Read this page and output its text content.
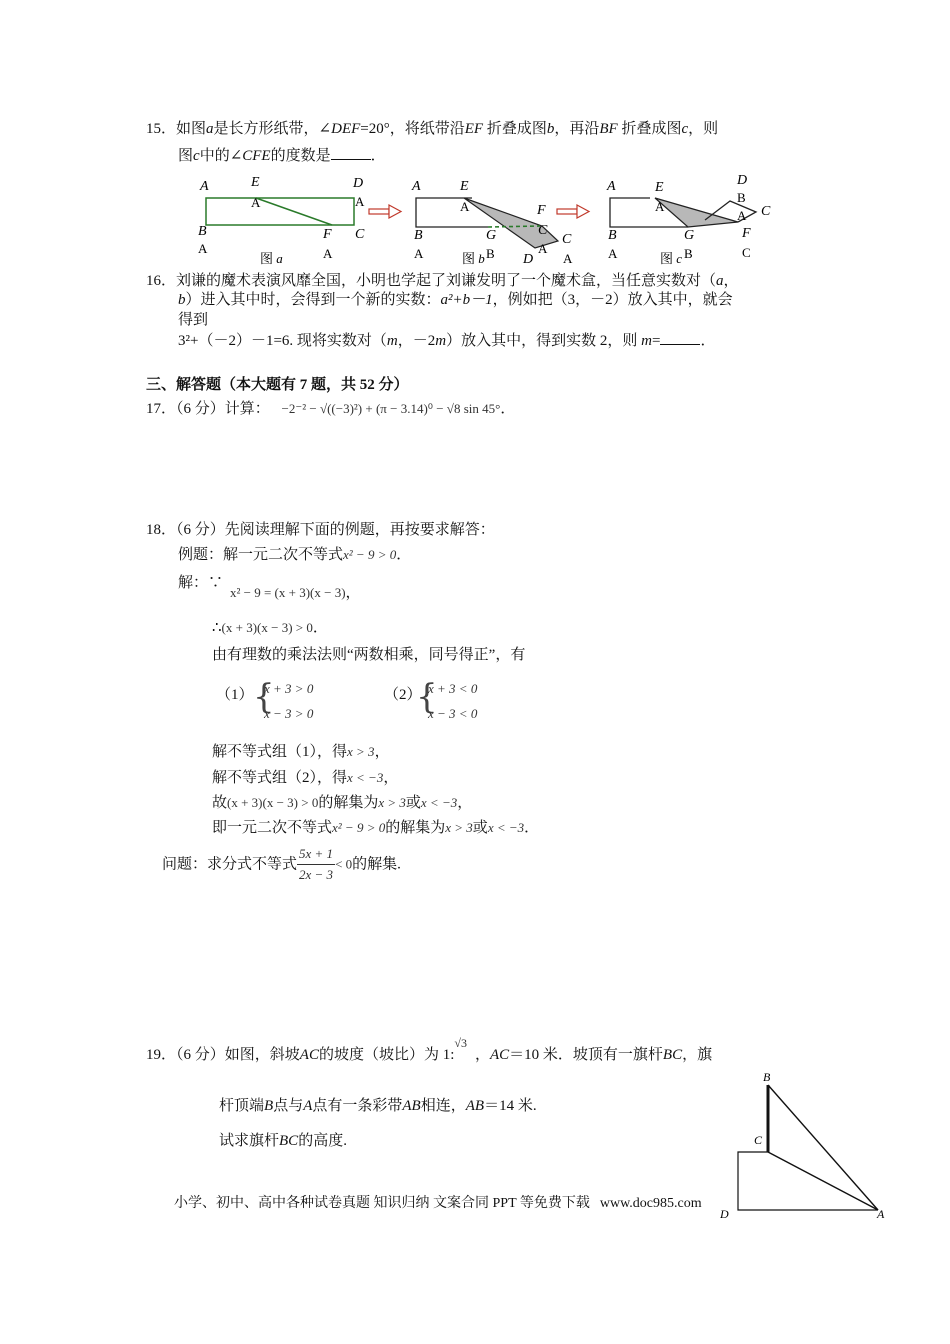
15．如图a是长方形纸带，∠DEF=20°，将纸带沿EF 折叠成图b，再沿BF 折叠成图c，则
图c中的∠CFE的度数是	．
A	E
A
D
A
B
A
F
A
C
图 a
A	E
A	F
C
A
B
A
G
B D
C
A
图 b
A	E
A
D
B
A C
F
C
B
A
G
B
图 c
16．刘谦的魔术表演风靡全国，小明也学起了刘谦发明了一个魔术盒，当任意实数对（a，
b）进入其中时，会得到一个新的实数：a²+b－1，例如把（3，－2）放入其中，就会
得到
3²+（－2）－1=6. 现将实数对（m，－2m）放入其中，得到实数 2，则 m=	．
三、解答题（本大题有 7 题，共 52 分）
17．（6 分）计算： −2⁻² − √((−3)²) + (π − 3.14)⁰ − √8 sin 45°．
18．（6 分）先阅读理解下面的例题，再按要求解答：
例题：解一元二次不等式x² − 9 > 0．
解：∵
x² − 9 = (x + 3)(x − 3)，
∴(x + 3)(x − 3) > 0．
由有理数的乘法法则“两数相乘，同号得正”，有
（1） {
x + 3 > 0
x − 3 > 0
（2）
{
x + 3 < 0
x − 3 < 0
解不等式组（1），得x > 3，
解不等式组（2），得x < −3，
故(x + 3)(x − 3) > 0的解集为x > 3或x < −3，
即一元二次不等式x² − 9 > 0的解集为x > 3或x < −3．
问题：求分式不等式 $\frac{5x + 1}{2x - 3} < 0$的解集.
19．（6 分）如图，斜坡AC的坡度（坡比）为 1:$^{√3}$，AC＝10 米．坡顶有一旗杆BC，旗
杆顶端B点与A点有一条彩带AB相连，AB＝14 米.
试求旗杆BC的高度.
B
C
D	A
小学、初中、高中各种试卷真题 知识归纳 文案合同 PPT 等免费下载 www.doc985.com
